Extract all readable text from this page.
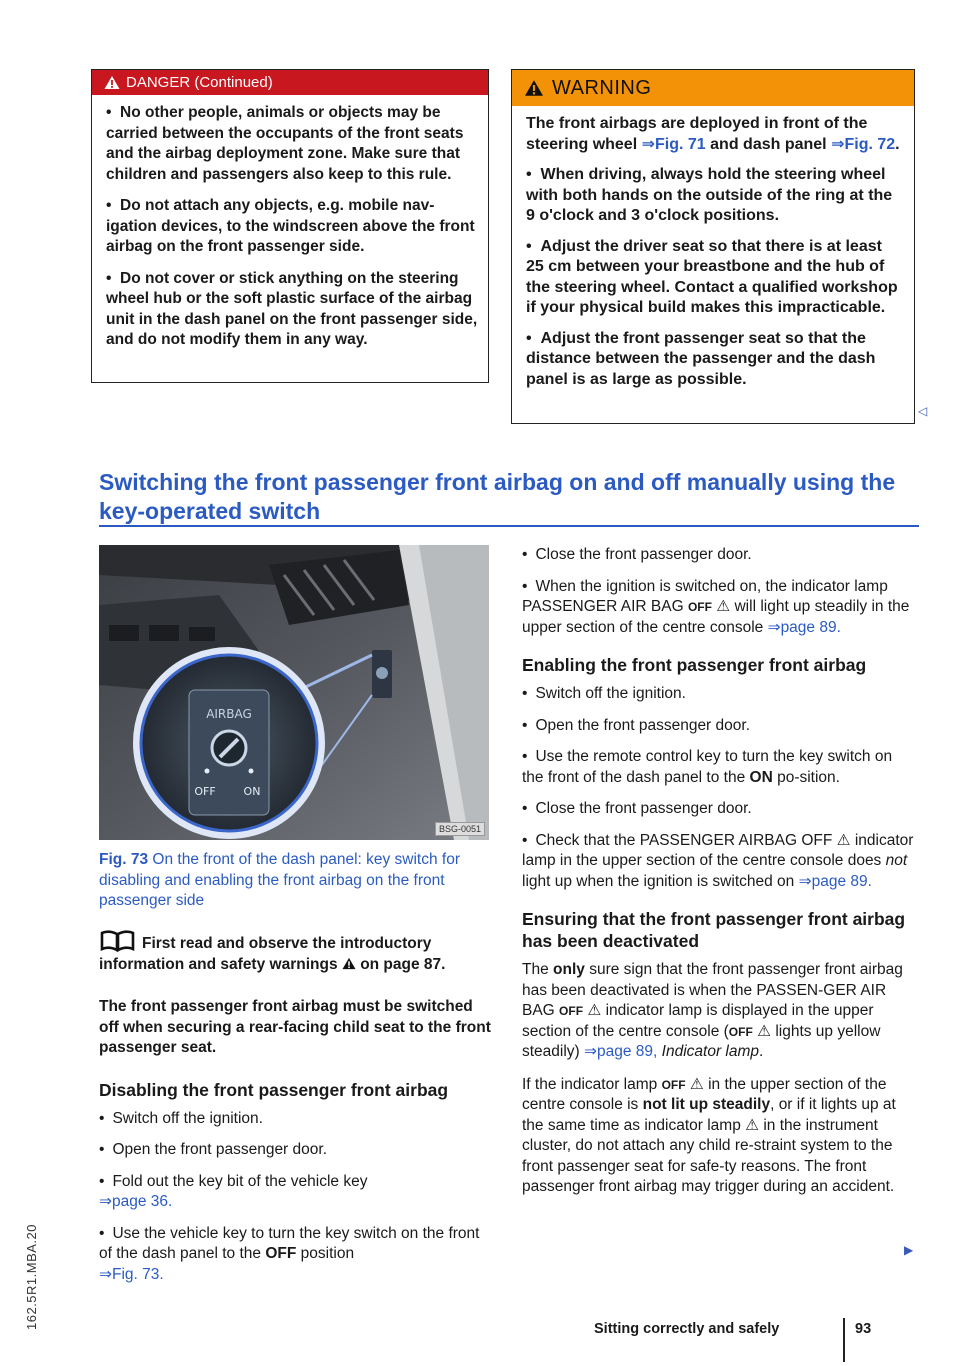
162.5R1.MBA.20
DANGER (Continued)

•  No other people, animals or objects may be carried between the occupants of the front seats and the airbag deployment zone. Make sure that children and passengers also keep to this rule.

•  Do not attach any objects, e.g. mobile nav-igation devices, to the windscreen above the front airbag on the front passenger side.

•  Do not cover or stick anything on the steering wheel hub or the soft plastic surface of the airbag unit in the dash panel on the front passenger side, and do not modify them in any way.

WARNING

The front airbags are deployed in front of the steering wheel ⇒Fig. 71 and dash panel ⇒Fig. 72.

•  When driving, always hold the steering wheel with both hands on the outside of the ring at the 9 o'clock and 3 o'clock positions.

•  Adjust the driver seat so that there is at least 25 cm between your breastbone and the hub of the steering wheel. Contact a qualified workshop if your physical build makes this impracticable.

•  Adjust the front passenger seat so that the distance between the passenger and the dash panel is as large as possible.

◁
Switching the front passenger front airbag on and off manually using the key-operated switch
AIRBAG
OFF	ON
BSG-0051
Fig. 73 On the front of the dash panel: key switch for disabling and enabling the front airbag on the front passenger side

First read and observe the introductory information and safety warnings on page 87.

The front passenger front airbag must be switched off when securing a rear-facing child seat to the front passenger seat.

Disabling the front passenger front airbag

• Switch off the ignition.

• Open the front passenger door.

• Fold out the key bit of the vehicle key
⇒page 36.

• Use the vehicle key to turn the key switch on the front of the dash panel to the OFF position
⇒Fig. 73.

• Close the front passenger door.

• When the ignition is switched on, the indicator lamp PASSENGER AIR BAG OFF ⚠ will light up steadily in the upper section of the centre console ⇒page 89.

Enabling the front passenger front airbag

• Switch off the ignition.

• Open the front passenger door.

• Use the remote control key to turn the key switch on the front of the dash panel to the ON po-sition.

• Close the front passenger door.

• Check that the PASSENGER AIRBAG OFF ⚠ indicator lamp in the upper section of the centre console does not light up when the ignition is switched on ⇒page 89.

Ensuring that the front passenger front airbag has been deactivated

The only sure sign that the front passenger front airbag has been deactivated is when the PASSEN-GER AIR BAG OFF ⚠ indicator lamp is displayed in the upper section of the centre console (OFF ⚠ lights up yellow steadily) ⇒page 89, Indicator lamp.

If the indicator lamp OFF ⚠ in the upper section of the centre console is not lit up steadily, or if it lights up at the same time as indicator lamp ⚠ in the instrument cluster, do not attach any child re-straint system to the front passenger seat for safe-ty reasons. The front passenger front airbag may trigger during an accident.

▶
Sitting correctly and safely	93
